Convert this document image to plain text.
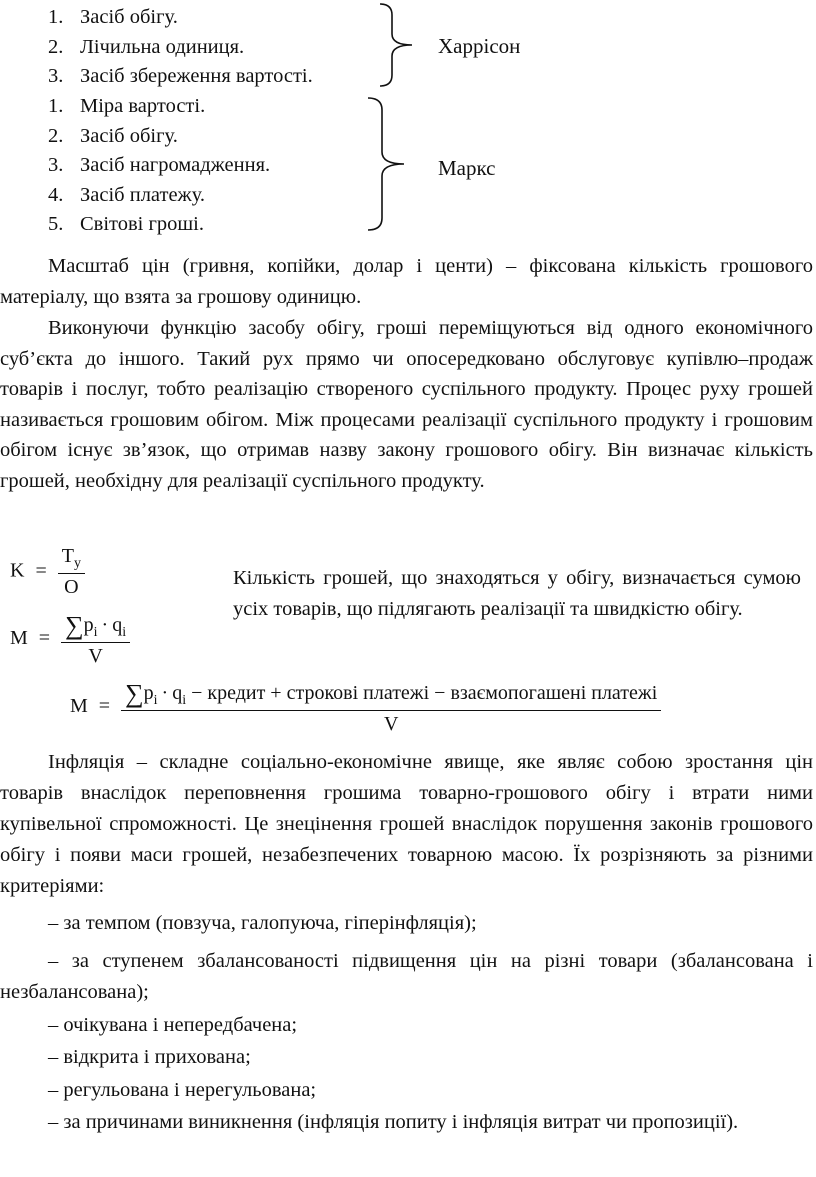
1. Засіб обігу.
2. Лічильна одиниця.
3. Засіб збереження вартості.
Харрісон
1. Міра вартості.
2. Засіб обігу.
3. Засіб нагромадження.
4. Засіб платежу.
5. Світові гроші.
Маркс

Масштаб цін (гривня, копійки, долар і центи) – фіксована кількість грошового матеріалу, що взята за грошову одиницю.

Виконуючи функцію засобу обігу, гроші переміщуються від одного економічного суб’єкта до іншого. Такий рух прямо чи опосередковано обслуговує купівлю–продаж товарів і послуг, тобто реалізацію створеного суспільного продукту. Процес руху грошей називається грошовим обігом. Між процесами реалізації суспільного продукту і грошовим обігом існує зв’язок, що отримав назву закону грошового обігу. Він визначає кількість грошей, необхідну для реалізації суспільного продукту.

$K = \frac{T_у}{O}$
$M = \frac{\sum p_i \cdot q_i}{V}$

Кількість грошей, що знаходяться у обігу, визначається сумою усіх товарів, що підлягають реалізації та швидкістю обігу.

$M = \frac{\sum p_i \cdot q_i - кредит + строкові платежі - взаємопогашені платежі}{V}$

Інфляція – складне соціально-економічне явище, яке являє собою зростання цін товарів внаслідок переповнення грошима товарно-грошового обігу і втрати ними купівельної спроможності. Це знецінення грошей внаслідок порушення законів грошового обігу і появи маси грошей, незабезпечених товарною масою. Їх розрізняють за різними критеріями:

– за темпом (повзуча, галопуюча, гіперінфляція);

– за ступенем збалансованості підвищення цін на різні товари (збалансована і незбалансована);

– очікувана і непередбачена;

– відкрита і прихована;

– регульована і нерегульована;

– за причинами виникнення (інфляція попиту і інфляція витрат чи пропозиції).
